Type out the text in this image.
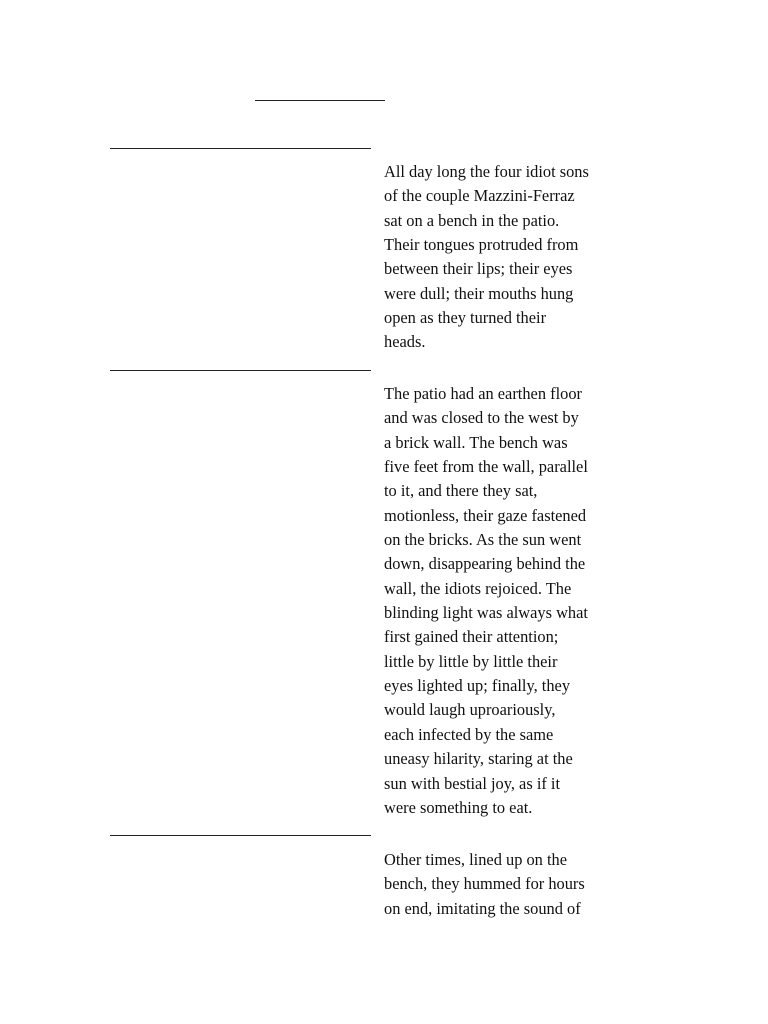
All day long the four idiot sons
of the couple Mazzini-Ferraz
sat on a bench in the patio.
Their tongues protruded from
between their lips; their eyes
were dull; their mouths hung
open as they turned their
heads.

The patio had an earthen floor
and was closed to the west by
a brick wall. The bench was
five feet from the wall, parallel
to it, and there they sat,
motionless, their gaze fastened
on the bricks. As the sun went
down, disappearing behind the
wall, the idiots rejoiced. The
blinding light was always what
first gained their attention;
little by little by little their
eyes lighted up; finally, they
would laugh uproariously,
each infected by the same
uneasy hilarity, staring at the
sun with bestial joy, as if it
were something to eat.

Other times, lined up on the
bench, they hummed for hours
on end, imitating the sound of
